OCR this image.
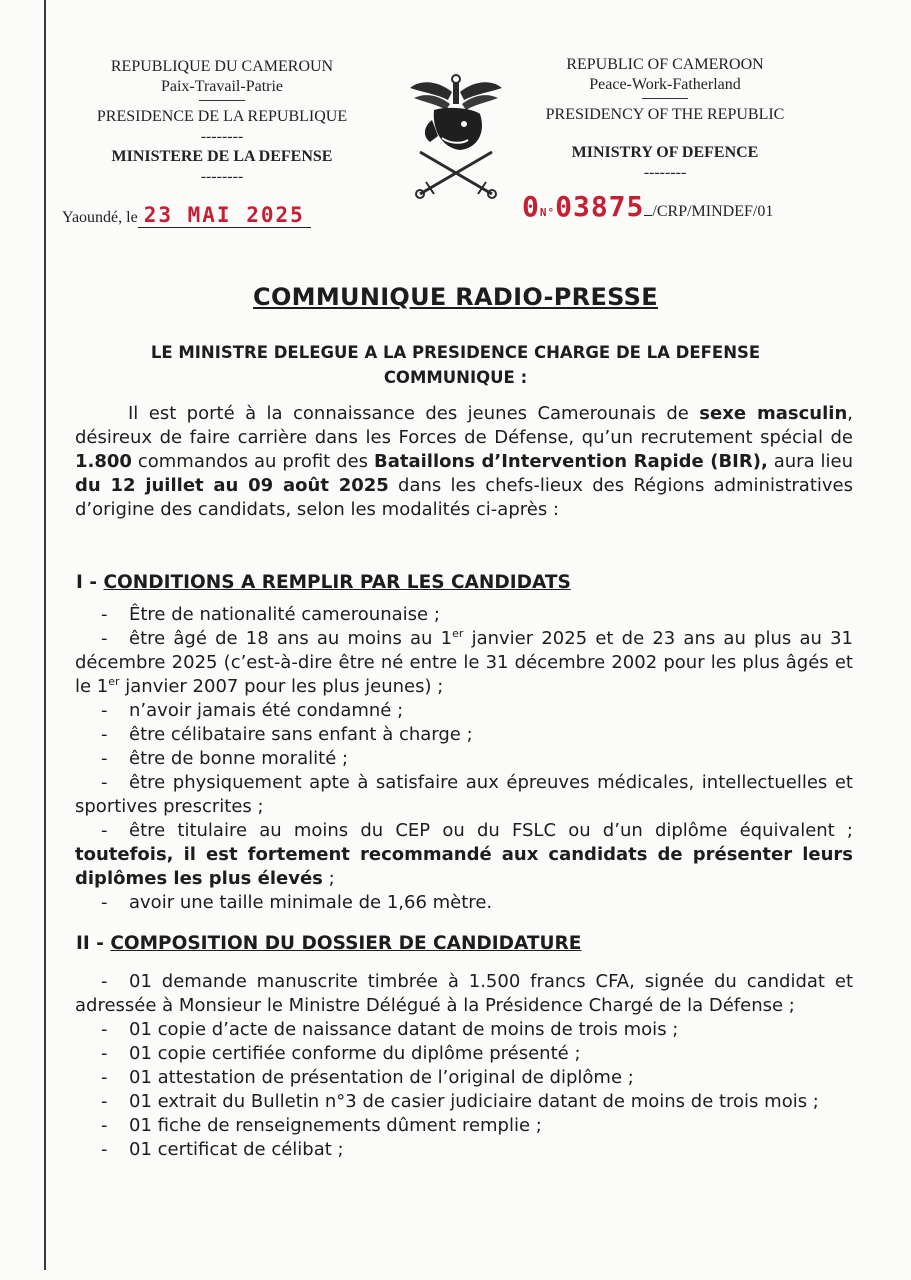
REPUBLIQUE DU CAMEROUN
Paix-Travail-Patrie
PRESIDENCE DE LA REPUBLIQUE
--------
MINISTERE DE LA DEFENSE
--------
REPUBLIC OF CAMEROON
Peace-Work-Fatherland
PRESIDENCY OF THE REPUBLIC
MINISTRY OF DEFENCE
--------
Yaoundé, le 23 MAI 2025	0N°03875 /CRP/MINDEF/01
COMMUNIQUE RADIO-PRESSE
LE MINISTRE DELEGUE A LA PRESIDENCE CHARGE DE LA DEFENSE COMMUNIQUE :
Il est porté à la connaissance des jeunes Camerounais de sexe masculin, désireux de faire carrière dans les Forces de Défense, qu’un recrutement spécial de 1.800 commandos au profit des Bataillons d’Intervention Rapide (BIR), aura lieu du 12 juillet au 09 août 2025 dans les chefs-lieux des Régions administratives d’origine des candidats, selon les modalités ci-après :
I - CONDITIONS A REMPLIR PAR LES CANDIDATS
- Être de nationalité camerounaise ;
- être âgé de 18 ans au moins au 1er janvier 2025 et de 23 ans au plus au 31 décembre 2025 (c’est-à-dire être né entre le 31 décembre 2002 pour les plus âgés et le 1er janvier 2007 pour les plus jeunes) ;
- n’avoir jamais été condamné ;
- être célibataire sans enfant à charge ;
- être de bonne moralité ;
- être physiquement apte à satisfaire aux épreuves médicales, intellectuelles et sportives prescrites ;
- être titulaire au moins du CEP ou du FSLC ou d’un diplôme équivalent ; toutefois, il est fortement recommandé aux candidats de présenter leurs diplômes les plus élevés ;
- avoir une taille minimale de 1,66 mètre.
II - COMPOSITION DU DOSSIER DE CANDIDATURE
- 01 demande manuscrite timbrée à 1.500 francs CFA, signée du candidat et adressée à Monsieur le Ministre Délégué à la Présidence Chargé de la Défense ;
- 01 copie d’acte de naissance datant de moins de trois mois ;
- 01 copie certifiée conforme du diplôme présenté ;
- 01 attestation de présentation de l’original de diplôme ;
- 01 extrait du Bulletin n°3 de casier judiciaire datant de moins de trois mois ;
- 01 fiche de renseignements dûment remplie ;
- 01 certificat de célibat ;
